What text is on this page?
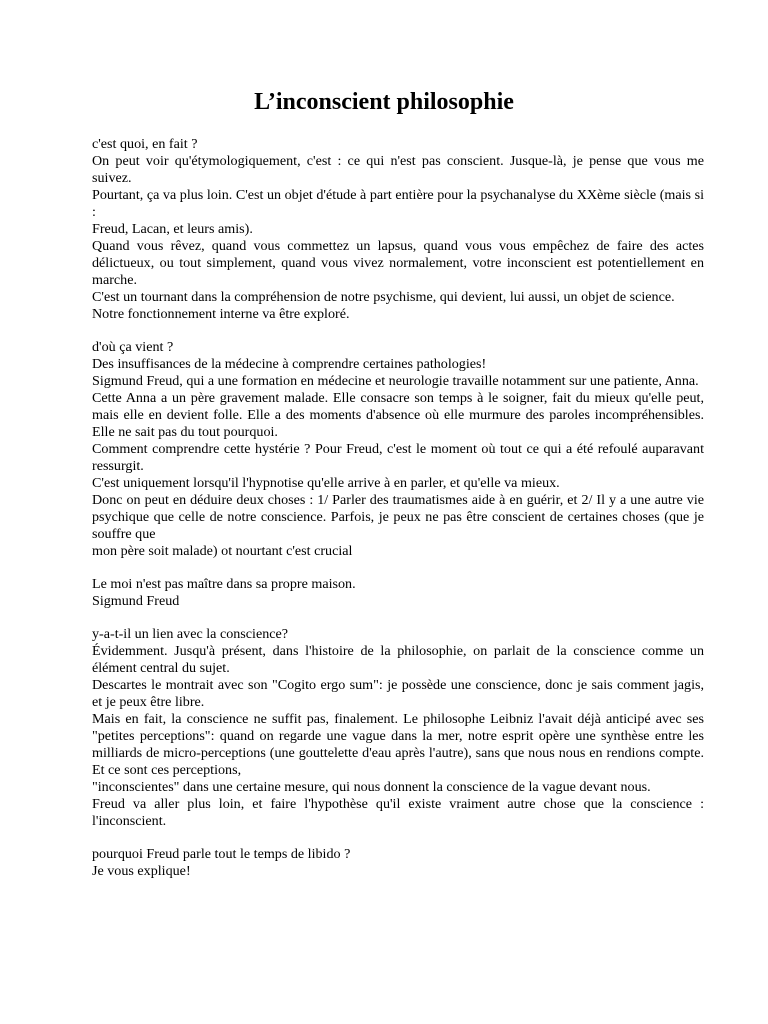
L’inconscient philosophie
c'est quoi, en fait ?
On peut voir qu'étymologiquement, c'est : ce qui n'est pas conscient. Jusque-là, je pense que vous me suivez.
Pourtant, ça va plus loin. C'est un objet d'étude à part entière pour la psychanalyse du XXème siècle (mais si :
Freud, Lacan, et leurs amis).
Quand vous rêvez, quand vous commettez un lapsus, quand vous vous empêchez de faire des actes délictueux, ou tout simplement, quand vous vivez normalement, votre inconscient est potentiellement en marche.
C'est un tournant dans la compréhension de notre psychisme, qui devient, lui aussi, un objet de science.
Notre fonctionnement interne va être exploré.
d'où ça vient ?
Des insuffisances de la médecine à comprendre certaines pathologies!
Sigmund Freud, qui a une formation en médecine et neurologie travaille notamment sur une patiente, Anna.
Cette Anna a un père gravement malade. Elle consacre son temps à le soigner, fait du mieux qu'elle peut, mais elle en devient folle. Elle a des moments d'absence où elle murmure des paroles incompréhensibles. Elle ne sait pas du tout pourquoi.
Comment comprendre cette hystérie ? Pour Freud, c'est le moment où tout ce qui a été refoulé auparavant ressurgit.
C'est uniquement lorsqu'il l'hypnotise qu'elle arrive à en parler, et qu'elle va mieux.
Donc on peut en déduire deux choses : 1/ Parler des traumatismes aide à en guérir, et 2/ Il y a une autre vie psychique que celle de notre conscience. Parfois, je peux ne pas être conscient de certaines choses (que je souffre que
mon père soit malade) ot nourtant c'est crucial
Le moi n'est pas maître dans sa propre maison.
Sigmund Freud
y-a-t-il un lien avec la conscience?
Évidemment. Jusqu'à présent, dans l'histoire de la philosophie, on parlait de la conscience comme un élément central du sujet.
Descartes le montrait avec son "Cogito ergo sum": je possède une conscience, donc je sais comment jagis, et je peux être libre.
Mais en fait, la conscience ne suffit pas, finalement. Le philosophe Leibniz l'avait déjà anticipé avec ses "petites perceptions": quand on regarde une vague dans la mer, notre esprit opère une synthèse entre les milliards de micro-perceptions (une gouttelette d'eau après l'autre), sans que nous nous en rendions compte. Et ce sont ces perceptions,
"inconscientes" dans une certaine mesure, qui nous donnent la conscience de la vague devant nous.
Freud va aller plus loin, et faire l'hypothèse qu'il existe vraiment autre chose que la conscience : l'inconscient.
pourquoi Freud parle tout le temps de libido ?
Je vous explique!
